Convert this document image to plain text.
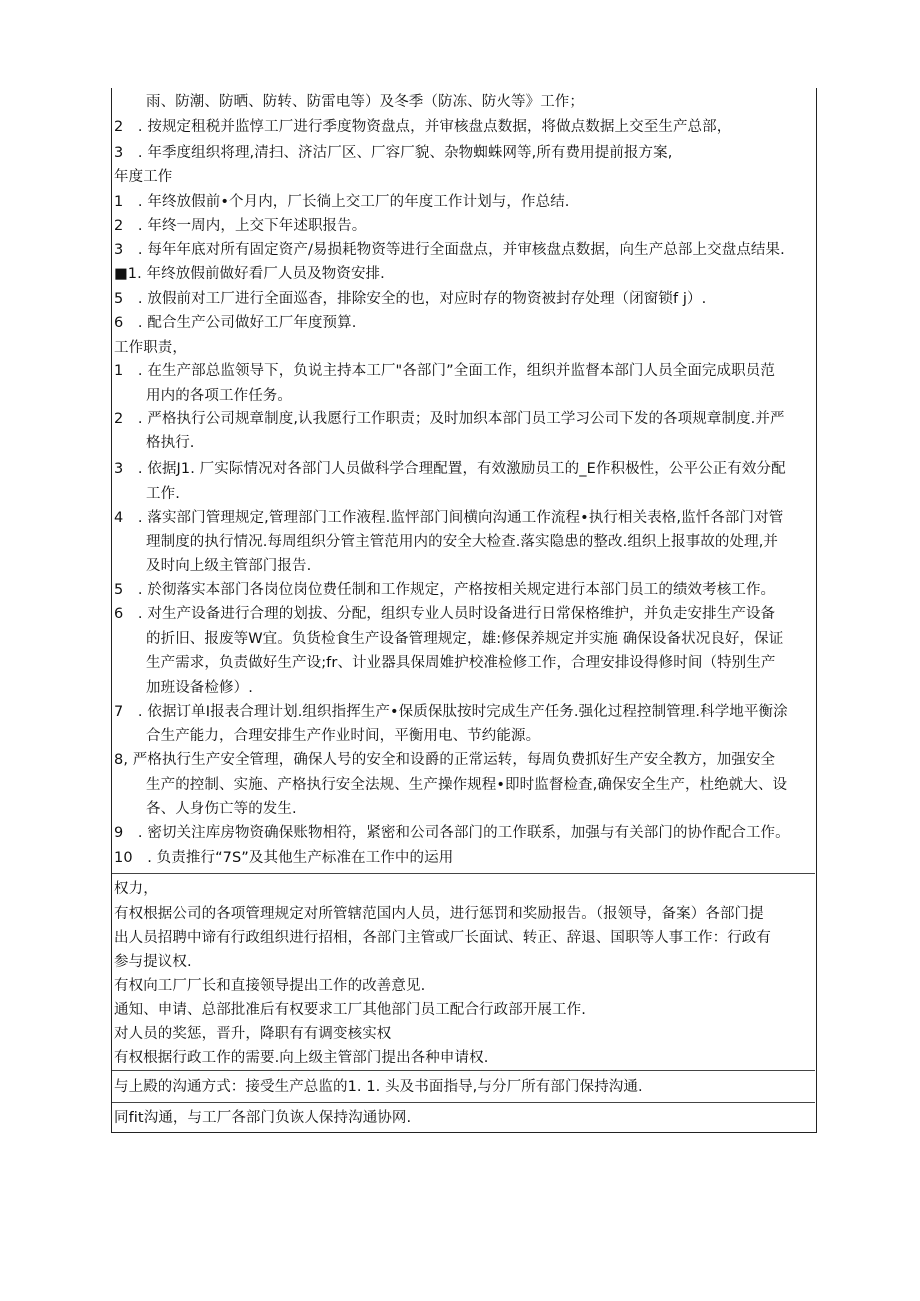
雨、防潮、防晒、防转、防雷电等）及冬季（防冻、防火等》工作；
2　. 按规定租税并监惇工厂进行季度物资盘点，并审核盘点数据，将做点数据上交至生产总部，
3　. 年季度组织将理,清扫、济沽厂区、厂容厂貌、杂物蜘蛛网等,所有费用提前报方案,
年度工作
1　. 年终放假前•个月内，厂长徜上交工厂的年度工作计划与，作总结.
2　. 年终一周内，上交下年述职报告。
3　. 每年年底对所有固定资产/易损耗物资等进行全面盘点，并审核盘点数据，向生产总部上交盘点结果.
■1. 年终放假前做好看厂人员及物资安排.
5　. 放假前对工厂进行全面巡杳，排除安全的也，对应时存的物资被封存处理（闭窗锁f j）.
6　. 配合生产公司做好工厂年度预算.
工作职责，
1　. 在生产部总监领导下，负说主持本工厂"各部门”全面工作，组织并监督本部门人员全面完成职员范
用内的各项工作任务。
2　. 严格执行公司规章制度,认我愿行工作职责；及时加织本部门员工学习公司下发的各项规章制度.并严
格执行.
3　. 依据J1. 厂实际情况对各部门人员做科学合理配置，有效激励员工的_E作积极性，公平公正有效分配
工作.
4　. 落实部门管理规定,管理部门工作液程.监怦部门间横向沟通工作流程•执行相关表格,监忏各部门对管
理制度的执行情况.每周组织分管主管范用内的安全大检查.落实隐患的整改.组织上报事故的处理,并
及时向上级主管部门报告.
5　. 於彻落实本部门各岗位岗位费任制和工作规定，产格按相关规定进行本部门员工的绩效考核工作。
6　. 对生产设备进行合理的划拔、分配，组织专业人员时设备进行日常保格维护，并负走安排生产设备
的折旧、报废等W宜。负货检食生产设备管理规定，雄:修保养规定并实施 确保设备状况良好，保证
生产需求，负责做好生产设;fr、计业器具保周婎护校准检修工作，合理安排设得修时间（特别生产
加班设备检修）.
7　. 依据订单I报表合理计划.组织指挥生产•保质保肽按时完成生产任务.强化过程控制管理.科学地平衡涂
合生产能力，合理安排生产作业时间，平衡用电、节约能源。
8, 严格执行生产安全管理，确保人号的安全和设爵的正常运转，每周负费抓好生产安全教方，加强安全
生产的控制、实施、产格执行安全法规、生产操作规程•即时监督检査,确保安全生产，杜绝就大、设
各、人身伤亡等的发生.
9　. 密切关注库房物资确保账物相符，紧密和公司各部门的工作联系，加强与有关部门的协作配合工作。
10　. 负责推行“7S”及其他生产标准在工作中的运用
权力，
有权根据公司的各项管理规定对所管辖范国内人员，进行惩罚和奖励报告。（报领导，备案）各部门提
出人员招聘中谛有行政组织进行招相，各部门主管或厂长面试、转正、辞退、国职等人事工作：行政有
参与提议权.
有权向工厂厂长和直接领导提出工作的改善意见.
通知、申请、总部批准后有权要求工厂其他部门员工配合行政部开展工作.
对人员的奖惩，晋升，降职有有调变核实权
有权根据行政工作的需要.向上级主管部门提出各种申请权.
与上殿的沟通方式：接受生产总监的1. 1. 头及书面指导,与分厂所有部门保持沟通.
同fit沟通，与工厂各部门负诙人保持沟通协网.
